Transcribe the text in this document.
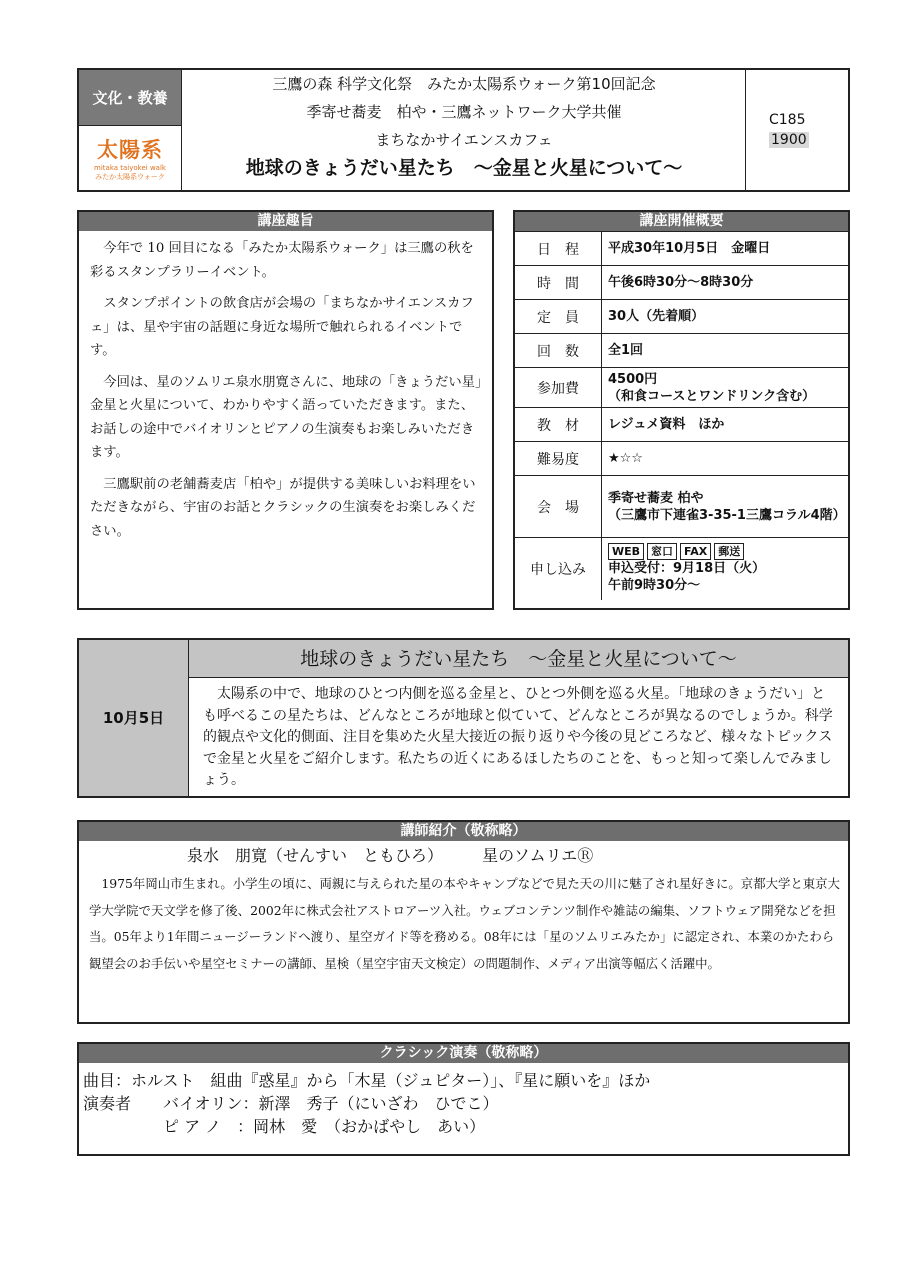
文化・教養
太陽系
mitaka taiyokei walk
みたか太陽系ウォーク
三鷹の森 科学文化祭　みたか太陽系ウォーク第10回記念
季寄せ蕎麦　柏や・三鷹ネットワーク大学共催
まちなかサイエンスカフェ
地球のきょうだい星たち　～金星と火星について～
C185
1900
講座趣旨

今年で 10 回目になる「みたか太陽系ウォーク」は三鷹の秋を彩るスタンプラリーイベント。

スタンプポイントの飲食店が会場の「まちなかサイエンスカフェ」は、星や宇宙の話題に身近な場所で触れられるイベントです。

今回は、星のソムリエ泉水朋寛さんに、地球の「きょうだい星」金星と火星について、わかりやすく語っていただきます。また、お話しの途中でバイオリンとピアノの生演奏もお楽しみいただきます。

三鷹駅前の老舗蕎麦店「柏や」が提供する美味しいお料理をいただきながら、宇宙のお話とクラシックの生演奏をお楽しみください。

講座開催概要
日　程	平成30年10月5日　金曜日
時　間	午後6時30分～8時30分
定　員	30人（先着順）
回　数	全1回
参加費	4500円
（和食コースとワンドリンク含む）

教　材	レジュメ資料　ほか
難易度	★☆☆
会　場	季寄せ蕎麦 柏や
（三鷹市下連雀3-35-1三鷹コラル4階）

申し込み	WEB 窓口 FAX 郵送
申込受付：9月18日（火）
午前9時30分～
10月5日
地球のきょうだい星たち　～金星と火星について～
太陽系の中で、地球のひとつ内側を巡る金星と、ひとつ外側を巡る火星。「地球のきょうだい」とも呼べるこの星たちは、どんなところが地球と似ていて、どんなところが異なるのでしょうか。科学的観点や文化的側面、注目を集めた火星大接近の振り返りや今後の見どころなど、様々なトピックスで金星と火星をご紹介します。私たちの近くにあるほしたちのことを、もっと知って楽しんでみましょう。
講師紹介（敬称略）
泉水　朋寛（せんすい　ともひろ） 星のソムリエⓇ
1975年岡山市生まれ。小学生の頃に、両親に与えられた星の本やキャンプなどで見た天の川に魅了され星好きに。京都大学と東京大学大学院で天文学を修了後、2002年に株式会社アストロアーツ入社。ウェブコンテンツ制作や雑誌の編集、ソフトウェア開発などを担当。05年より1年間ニュージーランドへ渡り、星空ガイド等を務める。08年には「星のソムリエみたか」に認定され、本業のかたわら観望会のお手伝いや星空セミナーの講師、星検（星空宇宙天文検定）の問題制作、メディア出演等幅広く活躍中。
クラシック演奏（敬称略）
曲目：ホルスト　組曲『惑星』から「木星（ジュピター）」、『星に願いを』ほか
演奏者　　バイオリン：新澤　秀子（にいざわ　ひでこ）
　　　　　ピ ア ノ　：岡林　愛　（おかばやし　あい）
